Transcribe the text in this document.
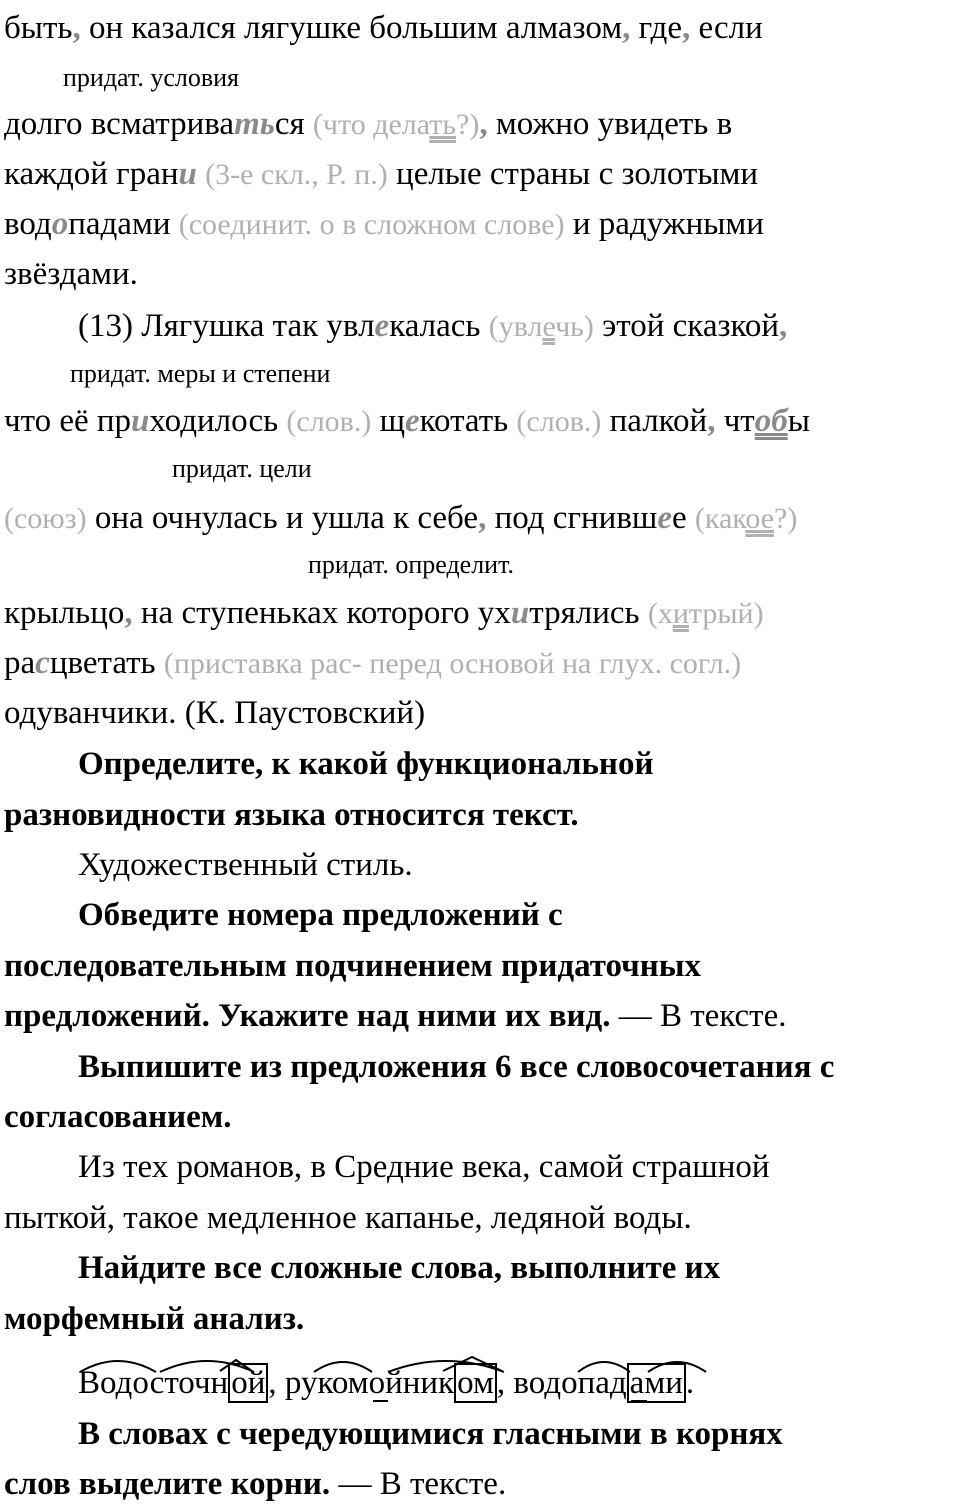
быть, он казался лягушке большим алмазом, где, если
придат. условия
долго всматриваться (что делать?), можно увидеть в
каждой грани (3-е скл., Р. п.) целые страны с золотыми
водопадами (соединит. о в сложном слове) и радужными
звёздами.
(13) Лягушка так увлекалась (увлечь) этой сказкой,
придат. меры и степени
что её приходилось (слов.) щекотать (слов.) палкой, чтобы
придат. цели
(союз) она очнулась и ушла к себе, под сгнившее (какое?)
придат. определит.
крыльцо, на ступеньках которого ухитрялись (хитрый)
расцветать (приставка рас- перед основой на глух. согл.)
одуванчики. (К. Паустовский)
Определите, к какой функциональной
разновидности языка относится текст.
Художественный стиль.
Обведите номера предложений с
последовательным подчинением придаточных
предложений. Укажите над ними их вид. — В тексте.
Выпишите из предложения 6 все словосочетания с
согласованием.
Из тех романов, в Средние века, самой страшной
пыткой, такое медленное капанье, ледяной воды.
Найдите все сложные слова, выполните их
морфемный анализ.
Водосточной, рукомойником, водопадами.
В словах с чередующимися гласными в корнях
слов выделите корни. — В тексте.
